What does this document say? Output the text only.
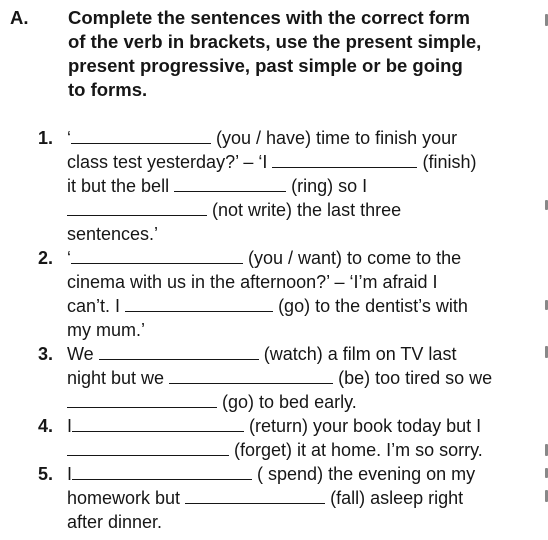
A. Complete the sentences with the correct form
of the verb in brackets, use the present simple,
present progressive, past simple or be going
to forms.
1. ‘	(you / have) time to finish your
class test yesterday?’ – ‘I	(finish)
it but the bell	(ring) so I
(not write) the last three
sentences.’
2. ‘	(you / want) to come to the
cinema with us in the afternoon?’ – ‘I’m afraid I
can’t. I	(go) to the dentist’s with
my mum.’
3. We	(watch) a film on TV last
night but we	(be) too tired so we
(go) to bed early.
4. I	(return) your book today but I
(forget) it at home. I’m so sorry.
5. I	( spend) the evening on my
homework but	(fall) asleep right
after dinner.
